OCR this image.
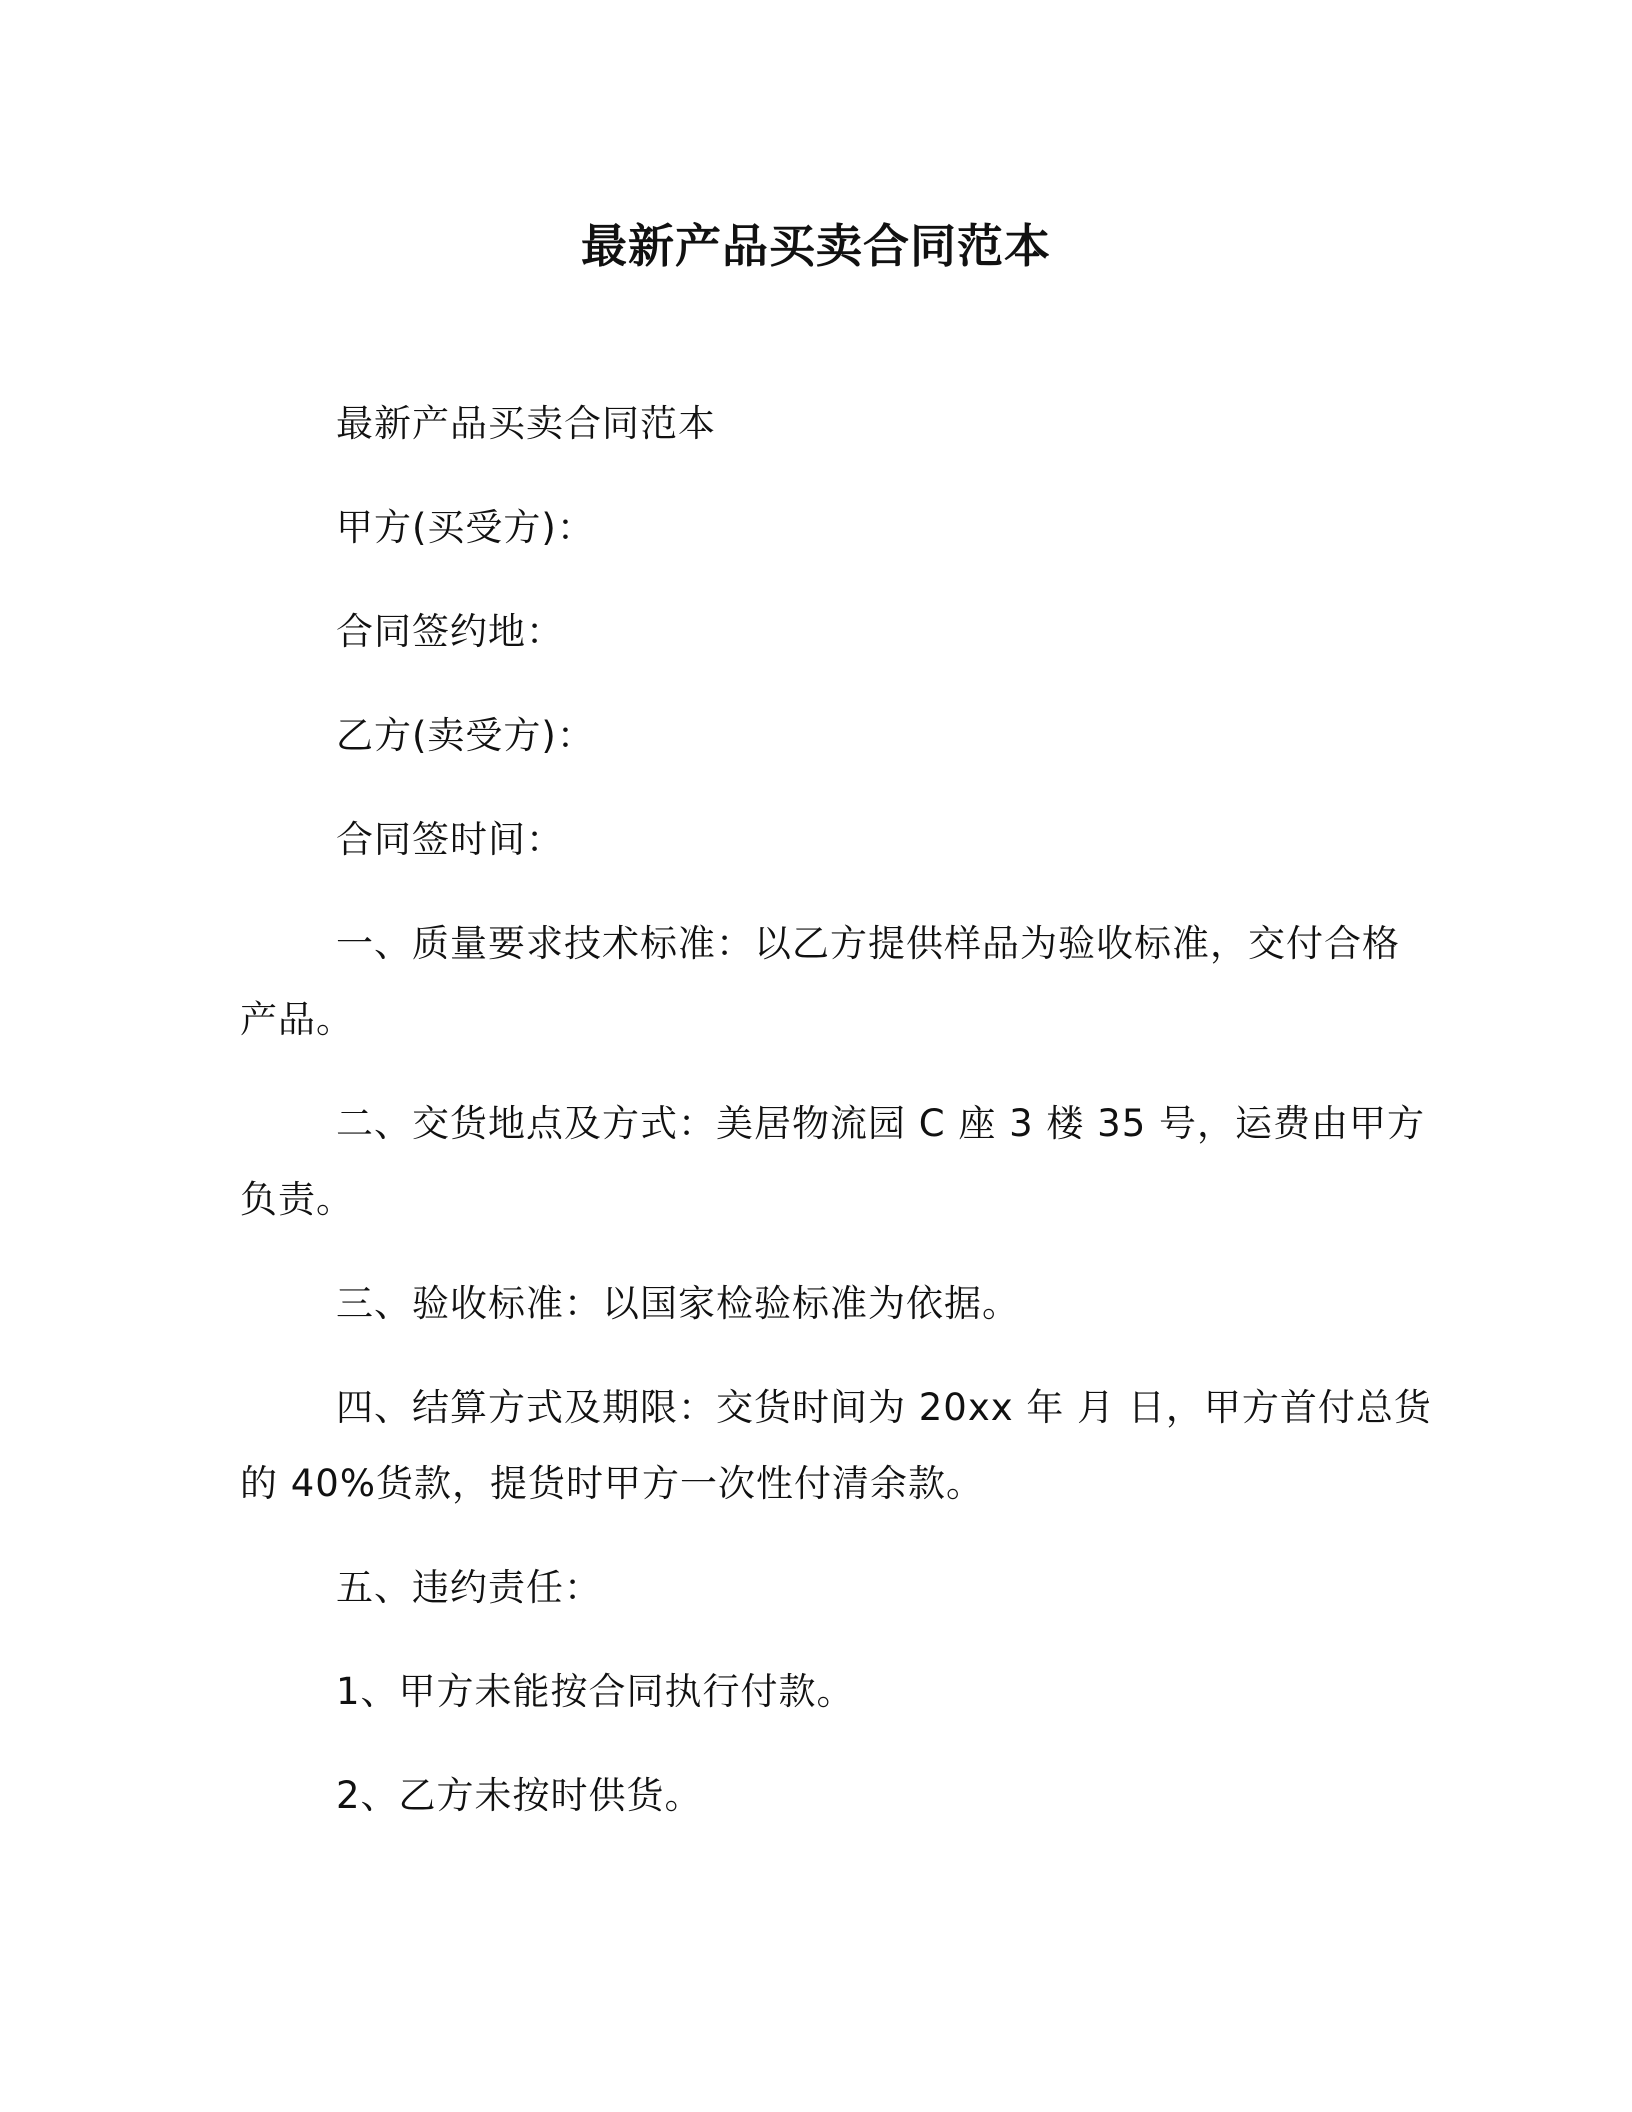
最新产品买卖合同范本
最新产品买卖合同范本
甲方(买受方)：
合同签约地：
乙方(卖受方)：
合同签时间：
一、质量要求技术标准：以乙方提供样品为验收标准，交付合格
产品。
二、交货地点及方式：美居物流园 C 座 3 楼 35 号，运费由甲方
负责。
三、验收标准：以国家检验标准为依据。
四、结算方式及期限：交货时间为 20xx 年 月 日，甲方首付总货
的 40%货款，提货时甲方一次性付清余款。
五、违约责任：
1、甲方未能按合同执行付款。
2、乙方未按时供货。
